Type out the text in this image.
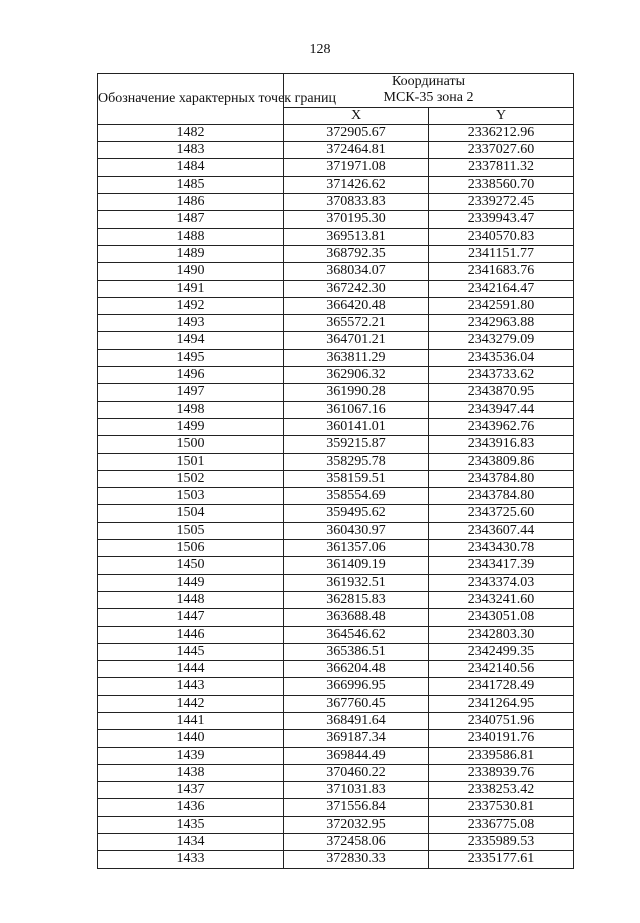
128
Обозначение характерных точек границ	Координаты
МСК-35 зона 2	
	X	Y
1482	372905.67	2336212.96
1483	372464.81	2337027.60
1484	371971.08	2337811.32
1485	371426.62	2338560.70
1486	370833.83	2339272.45
1487	370195.30	2339943.47
1488	369513.81	2340570.83
1489	368792.35	2341151.77
1490	368034.07	2341683.76
1491	367242.30	2342164.47
1492	366420.48	2342591.80
1493	365572.21	2342963.88
1494	364701.21	2343279.09
1495	363811.29	2343536.04
1496	362906.32	2343733.62
1497	361990.28	2343870.95
1498	361067.16	2343947.44
1499	360141.01	2343962.76
1500	359215.87	2343916.83
1501	358295.78	2343809.86
1502	358159.51	2343784.80
1503	358554.69	2343784.80
1504	359495.62	2343725.60
1505	360430.97	2343607.44
1506	361357.06	2343430.78
1450	361409.19	2343417.39
1449	361932.51	2343374.03
1448	362815.83	2343241.60
1447	363688.48	2343051.08
1446	364546.62	2342803.30
1445	365386.51	2342499.35
1444	366204.48	2342140.56
1443	366996.95	2341728.49
1442	367760.45	2341264.95
1441	368491.64	2340751.96
1440	369187.34	2340191.76
1439	369844.49	2339586.81
1438	370460.22	2338939.76
1437	371031.83	2338253.42
1436	371556.84	2337530.81
1435	372032.95	2336775.08
1434	372458.06	2335989.53
1433	372830.33	2335177.61
